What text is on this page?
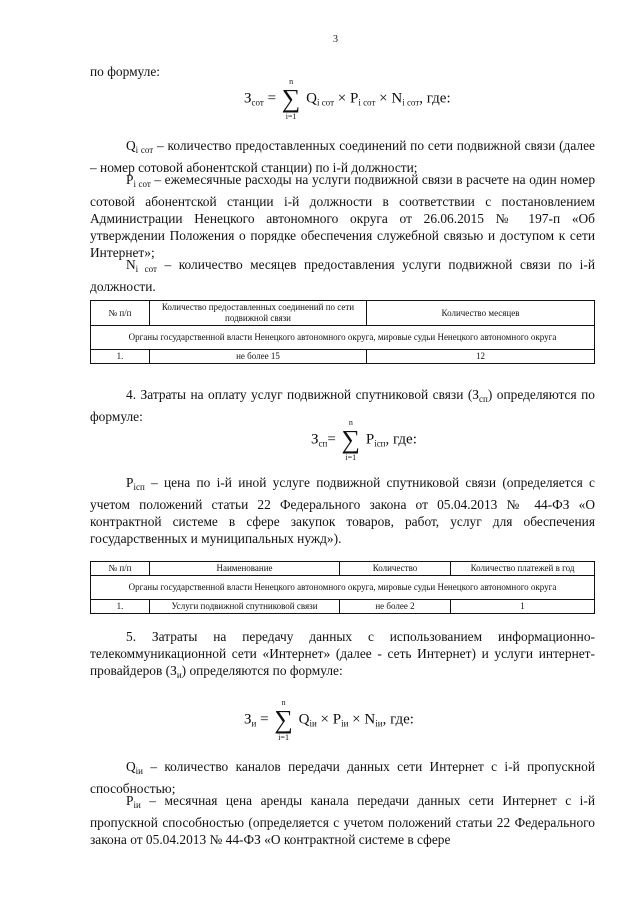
3
по формуле:
$З_{сот}$ = ∑
n
i=1
$Q_{i сот} \times P_{i сот} \times N_{i сот}$, где:
$Q_{i сот}$ – количество предоставленных соединений по сети подвижной связи (далее – номер сотовой абонентской станции) по i-й должности;
$P_{i сот}$ – ежемесячные расходы на услуги подвижной связи в расчете на один номер сотовой абонентской станции i-й должности в соответствии с постановлением Администрации Ненецкого автономного округа от 26.06.2015 № 197-п «Об утверждении Положения о порядке обеспечения служебной связью и доступом к сети Интернет»;
$N_{i сот}$ – количество месяцев предоставления услуги подвижной связи по i-й должности.
№ п/п	Количество предоставленных соединений по сети подвижной связи	Количество месяцев
Органы государственной власти Ненецкого автономного округа, мировые судьи Ненецкого автономного округа		
1.	не более 15	12
4. Затраты на оплату услуг подвижной спутниковой связи $(З_{сп})$ определяются по формуле:
$З_{сп}=$ ∑
n
i=1
$P_{iсп}$, где:
$P_{iсп}$ – цена по i-й иной услуге подвижной спутниковой связи (определяется с учетом положений статьи 22 Федерального закона от 05.04.2013 № 44-ФЗ «О контрактной системе в сфере закупок товаров, работ, услуг для обеспечения государственных и муниципальных нужд»).
№ п/п	Наименование	Количество	Количество платежей в год
Органы государственной власти Ненецкого автономного округа, мировые судьи Ненецкого автономного округа			
1.	Услуги подвижной спутниковой связи	не более 2	1
5. Затраты на передачу данных с использованием информационно-телекоммуникационной сети «Интернет» (далее - сеть Интернет) и услуги интернет-провайдеров $(З_и)$ определяются по формуле:
$З_и$ = ∑
n
i=1
$Q_{iи} \times P_{iи} \times N_{iи}$, где:
$Q_{iи}$ – количество каналов передачи данных сети Интернет с i-й пропускной способностью;
$P_{iи}$ – месячная цена аренды канала передачи данных сети Интернет с i-й пропускной способностью (определяется с учетом положений статьи 22 Федерального закона от 05.04.2013 № 44-ФЗ «О контрактной системе в сфере
